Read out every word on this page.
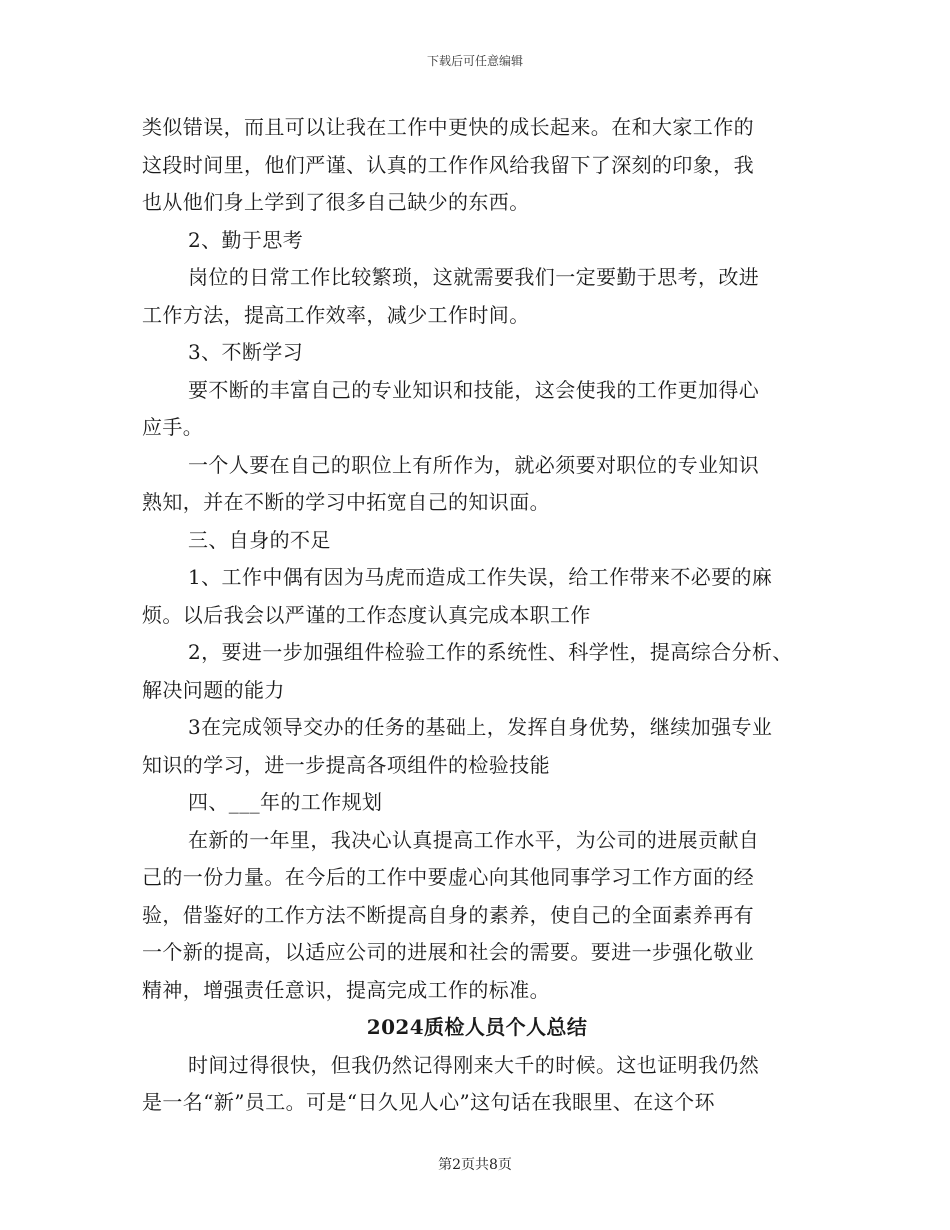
下载后可任意编辑
类似错误，而且可以让我在工作中更快的成长起来。在和大家工作的
这段时间里，他们严谨、认真的工作作风给我留下了深刻的印象，我
也从他们身上学到了很多自己缺少的东西。
2、勤于思考
岗位的日常工作比较繁琐，这就需要我们一定要勤于思考，改进
工作方法，提高工作效率，减少工作时间。
3、不断学习
要不断的丰富自己的专业知识和技能，这会使我的工作更加得心
应手。
一个人要在自己的职位上有所作为，就必须要对职位的专业知识
熟知，并在不断的学习中拓宽自己的知识面。
三、自身的不足
1、工作中偶有因为马虎而造成工作失误，给工作带来不必要的麻
烦。以后我会以严谨的工作态度认真完成本职工作
2，要进一步加强组件检验工作的系统性、科学性，提高综合分析、
解决问题的能力
3在完成领导交办的任务的基础上，发挥自身优势，继续加强专业
知识的学习，进一步提高各项组件的检验技能
四、___年的工作规划
在新的一年里，我决心认真提高工作水平，为公司的进展贡献自
己的一份力量。在今后的工作中要虚心向其他同事学习工作方面的经
验，借鉴好的工作方法不断提高自身的素养，使自己的全面素养再有
一个新的提高，以适应公司的进展和社会的需要。要进一步强化敬业
精神，增强责任意识，提高完成工作的标准。
2024质检人员个人总结
时间过得很快，但我仍然记得刚来大千的时候。这也证明我仍然
是一名“新”员工。可是“日久见人心”这句话在我眼里、在这个环
第2页共8页
